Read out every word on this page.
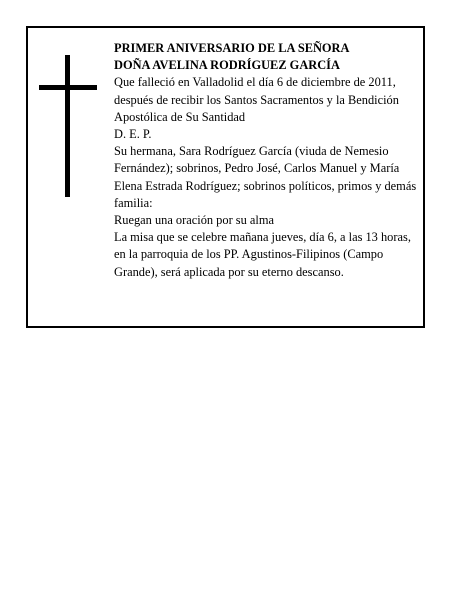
PRIMER ANIVERSARIO DE LA SEÑORA

DOÑA AVELINA RODRÍGUEZ GARCÍA

Que falleció en Valladolid el día 6 de diciembre de 2011, después de recibir los Santos Sacramentos y la Bendición Apostólica de Su Santidad

D. E. P.

Su hermana, Sara Rodríguez García (viuda de Nemesio Fernández); sobrinos, Pedro José, Carlos Manuel y María Elena Estrada Rodríguez; sobrinos políticos, primos y demás familia:

Ruegan una oración por su alma

La misa que se celebre mañana jueves, día 6, a las 13 horas, en la parroquia de los PP. Agustinos-Filipinos (Campo Grande), será aplicada por su eterno descanso.
